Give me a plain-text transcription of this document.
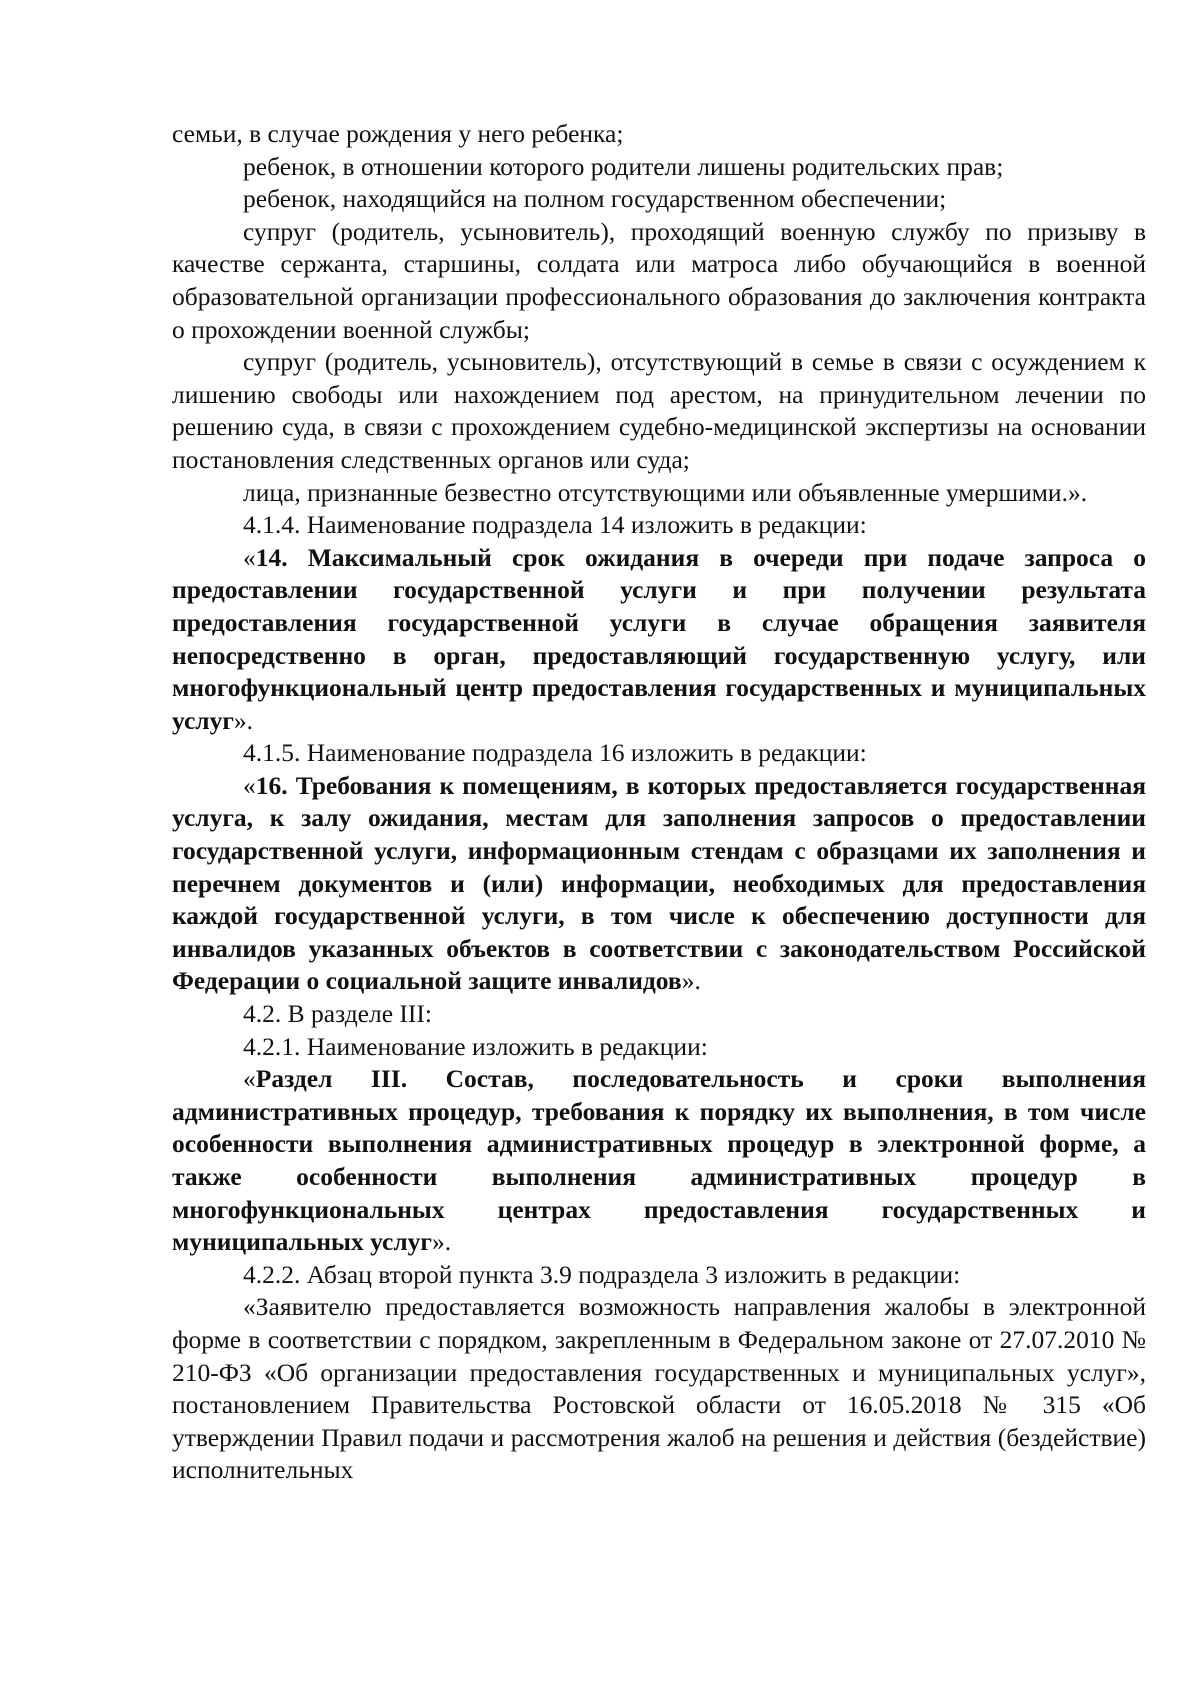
семьи, в случае рождения у него ребенка;

ребенок, в отношении которого родители лишены родительских прав;

ребенок, находящийся на полном государственном обеспечении;

супруг (родитель, усыновитель), проходящий военную службу по призыву в качестве сержанта, старшины, солдата или матроса либо обучающийся в военной образовательной организации профессионального образования до заключения контракта о прохождении военной службы;

супруг (родитель, усыновитель), отсутствующий в семье в связи с осуждением к лишению свободы или нахождением под арестом, на принудительном лечении по решению суда, в связи с прохождением судебно-медицинской экспертизы на основании постановления следственных органов или суда;

лица, признанные безвестно отсутствующими или объявленные умершими.».

4.1.4. Наименование подраздела 14 изложить в редакции:

«14. Максимальный срок ожидания в очереди при подаче запроса о предоставлении государственной услуги и при получении результата предоставления государственной услуги в случае обращения заявителя непосредственно в орган, предоставляющий государственную услугу, или многофункциональный центр предоставления государственных и муниципальных услуг».

4.1.5. Наименование подраздела 16 изложить в редакции:

«16. Требования к помещениям, в которых предоставляется государственная услуга, к залу ожидания, местам для заполнения запросов о предоставлении государственной услуги, информационным стендам с образцами их заполнения и перечнем документов и (или) информации, необходимых для предоставления каждой государственной услуги, в том числе к обеспечению доступности для инвалидов указанных объектов в соответствии с законодательством Российской Федерации о социальной защите инвалидов».

4.2. В разделе III:

4.2.1. Наименование изложить в редакции:

«Раздел III. Состав, последовательность и сроки выполнения административных процедур, требования к порядку их выполнения, в том числе особенности выполнения административных процедур в электронной форме, а также особенности выполнения административных процедур в многофункциональных центрах предоставления государственных и муниципальных услуг».

4.2.2. Абзац второй пункта 3.9 подраздела 3 изложить в редакции:

«Заявителю предоставляется возможность направления жалобы в электронной форме в соответствии с порядком, закрепленным в Федеральном законе от 27.07.2010 № 210-ФЗ «Об организации предоставления государственных и муниципальных услуг», постановлением Правительства Ростовской области от 16.05.2018 № 315 «Об утверждении Правил подачи и рассмотрения жалоб на решения и действия (бездействие) исполнительных
